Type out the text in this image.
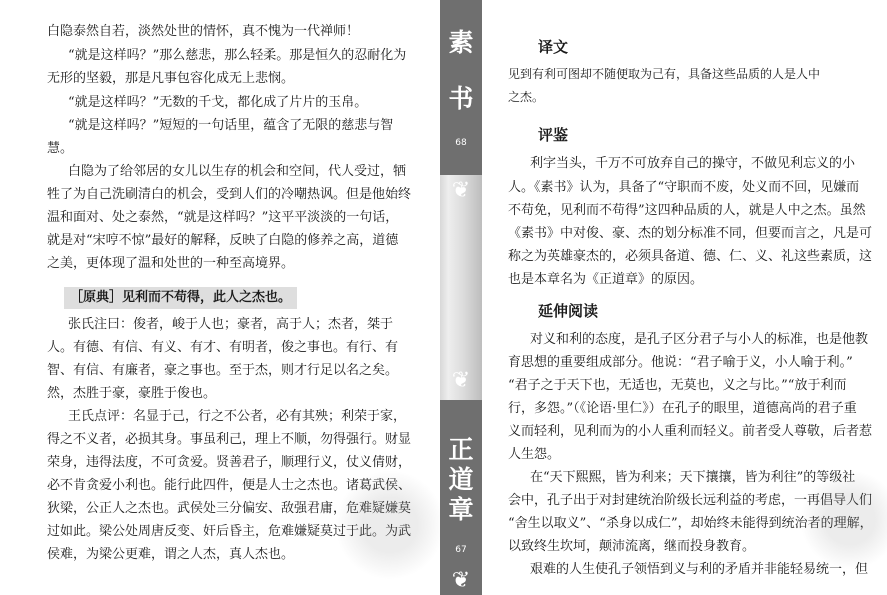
白隐泰然自若，淡然处世的情怀，真不愧为一代禅师！

“就是这样吗？”那么慈悲，那么轻柔。那是恒久的忍耐化为

无形的坚毅，那是凡事包容化成无上悲悯。

“就是这样吗？”无数的千戈，都化成了片片的玉帛。

“就是这样吗？”短短的一句话里，蕴含了无限的慈悲与智

慧。

白隐为了给邻居的女儿以生存的机会和空间，代人受过，牺

牲了为自己洗刷清白的机会，受到人们的冷嘲热讽。但是他始终

温和面对、处之泰然，“就是这样吗？”这平平淡淡的一句话，

就是对“宋哼不惊”最好的解释，反映了白隐的修养之高，道德

之美，更体现了温和处世的一种至高境界。

［原典］见利而不苟得，此人之杰也。

张氏注曰：俊者，峻于人也；豪者，高于人；杰者，桀于

人。有德、有信、有义、有才、有明者，俊之事也。有行、有

智、有信、有廉者，豪之事也。至于杰，则才行足以名之矣。

然，杰胜于豪，豪胜于俊也。

王氏点评：名显于己，行之不公者，必有其殃；利荣于家，

得之不义者，必损其身。事虽利己，理上不顺，勿得强行。财显

荣身，违得法度，不可贪爱。贤善君子，顺理行义，仗义倩财，

必不肯贪爱小利也。能行此四件，便是人士之杰也。诸葛武侯、

狄梁，公正人之杰也。武侯处三分偏安、敌强君庸，危难疑嫌莫

过如此。梁公处周唐反变、奸后昏主，危难嫌疑莫过于此。为武

侯难，为梁公更难，谓之人杰，真人杰也。

素
书
68
❦
❦
正
道
章
67
❦
译文

见到有利可图却不随便取为己有，具备这些品质的人是人中

之杰。

评鉴

利字当头，千万不可放弃自己的操守，不做见利忘义的小

人。《素书》认为，具备了“守职而不废，处义而不回，见嫌而

不苟免，见利而不苟得”这四种品质的人，就是人中之杰。虽然

《素书》中对俊、豪、杰的划分标准不同，但要而言之，凡是可

称之为英雄豪杰的，必须具备道、德、仁、义、礼这些素质，这

也是本章名为《正道章》的原因。

延伸阅读

对义和利的态度，是孔子区分君子与小人的标准，也是他教

育思想的重要组成部分。他说：“君子喻于义，小人喻于利。”

“君子之于天下也，无适也，无莫也，义之与比。”“放于利而

行，多怨。”（《论语·里仁》）在孔子的眼里，道德高尚的君子重

义而轻利，见利而为的小人重利而轻义。前者受人尊敬，后者惹

人生怨。

在“天下熙熙，皆为利来；天下攘攘，皆为利往”的等级社

会中，孔子出于对封建统治阶级长远利益的考虑，一再倡导人们

“舍生以取义”、“杀身以成仁”，却始终未能得到统治者的理解，

以致终生坎坷，颠沛流离，继而投身教育。

艰难的人生使孔子领悟到义与利的矛盾并非能轻易统一，但
